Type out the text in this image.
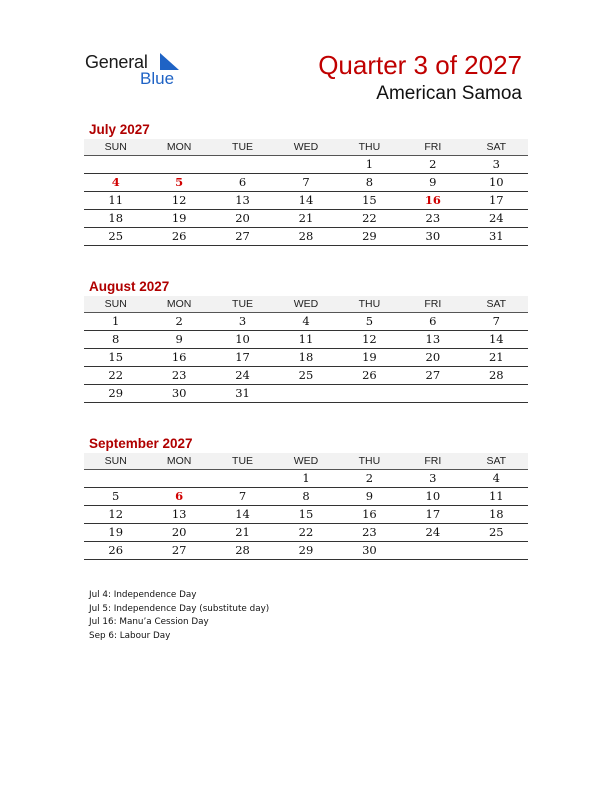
General
Blue	Quarter 3 of 2027
American Samoa
July 2027
SUN	MON	TUE	WED	THU	FRI	SAT
				1	2	3
4	5	6	7	8	9	10
11	12	13	14	15	16	17
18	19	20	21	22	23	24
25	26	27	28	29	30	31
August 2027
SUN	MON	TUE	WED	THU	FRI	SAT
1	2	3	4	5	6	7
8	9	10	11	12	13	14
15	16	17	18	19	20	21
22	23	24	25	26	27	28
29	30	31				
September 2027
SUN	MON	TUE	WED	THU	FRI	SAT
			1	2	3	4
5	6	7	8	9	10	11
12	13	14	15	16	17	18
19	20	21	22	23	24	25
26	27	28	29	30		
Jul 4: Independence Day
Jul 5: Independence Day (substitute day)
Jul 16: Manu’a Cession Day
Sep 6: Labour Day
